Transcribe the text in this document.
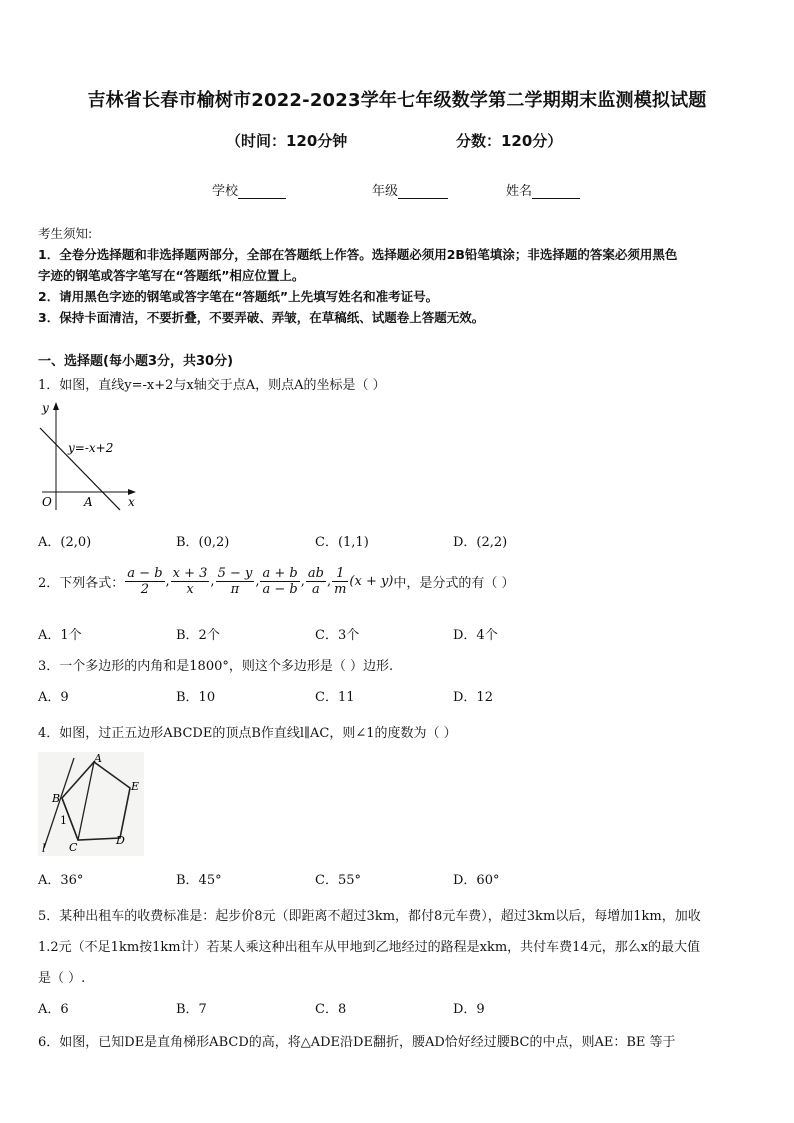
吉林省长春市榆树市2022-2023学年七年级数学第二学期期末监测模拟试题
（时间：120分钟	分数：120分）
学校	年级	姓名
考生须知:
1．全卷分选择题和非选择题两部分，全部在答题纸上作答。选择题必须用2B铅笔填涂；非选择题的答案必须用黑色
字迹的钢笔或答字笔写在“答题纸”相应位置上。
2．请用黑色字迹的钢笔或答字笔在“答题纸”上先填写姓名和准考证号。
3．保持卡面清洁，不要折叠，不要弄破、弄皱，在草稿纸、试题卷上答题无效。
一、选择题(每小题3分，共30分)
1．如图，直线y=-x+2与x轴交于点A，则点A的坐标是（ ）
y
x
O	A
y=-x+2
A．(2,0)	B．(0,2)	C．(1,1)	D．(2,2)
2．下列各式： $\frac{a - b}{2}$ , $\frac{x + 3}{x}$ , $\frac{5 - y}{\pi}$ , $\frac{a + b}{a - b}$ , $\frac{ab}{a}$ , $\frac{1}{m} (x + y)$ 中，是分式的有（ ）
A．1个	B．2个	C．3个	D．4个
3．一个多边形的内角和是1800°，则这个多边形是（ ）边形.
A．9	B．10	C．11	D．12
4．如图，过正五边形ABCDE的顶点B作直线l∥AC，则∠1的度数为（ ）
A
B
C
D
E
1
l
A．36°	B．45°	C．55°	D．60°
5．某种出租车的收费标准是：起步价8元（即距离不超过3km，都付8元车费），超过3km以后，每增加1km，加收
1.2元（不足1km按1km计）若某人乘这种出租车从甲地到乙地经过的路程是xkm，共付车费14元，那么x的最大值
是（ ）.
A．6	B．7	C．8	D．9
6．如图，已知DE是直角梯形ABCD的高，将△ADE沿DE翻折，腰AD恰好经过腰BC的中点，则AE：BE 等于
